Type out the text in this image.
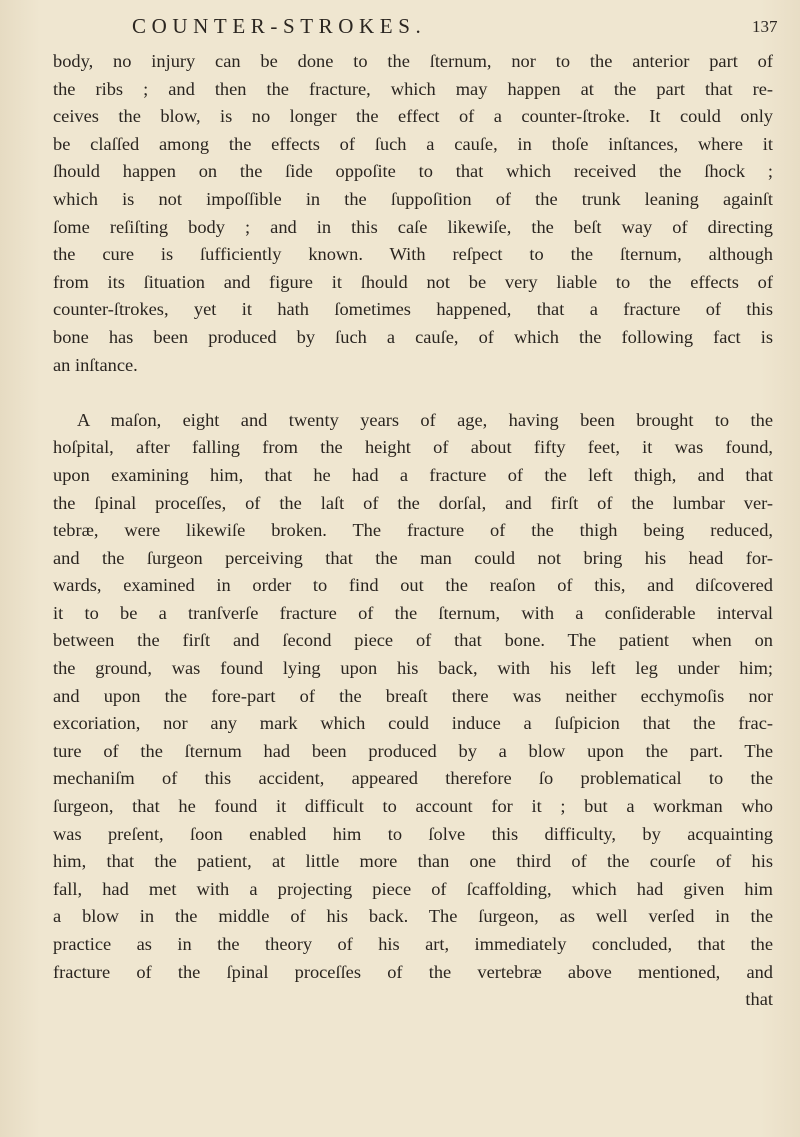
COUNTER-STROKES.	137
body, no injury can be done to the ſternum, nor to the anterior part of
the ribs ; and then the fracture, which may happen at the part that re-
ceives the blow, is no longer the effect of a counter-ſtroke. It could only
be claſſed among the effects of ſuch a cauſe, in thoſe inſtances, where it
ſhould happen on the ſide oppoſite to that which received the ſhock ;
which is not impoſſible in the ſuppoſition of the trunk leaning againſt
ſome reſiſting body ; and in this caſe likewiſe, the beſt way of directing
the cure is ſufficiently known. With reſpect to the ſternum, although
from its ſituation and figure it ſhould not be very liable to the effects of
counter-ſtrokes, yet it hath ſometimes happened, that a fracture of this
bone has been produced by ſuch a cauſe, of which the following fact is
an inſtance.
A maſon, eight and twenty years of age, having been brought to the
hoſpital, after falling from the height of about fifty feet, it was found,
upon examining him, that he had a fracture of the left thigh, and that
the ſpinal proceſſes, of the laſt of the dorſal, and firſt of the lumbar ver-
tebræ, were likewiſe broken. The fracture of the thigh being reduced,
and the ſurgeon perceiving that the man could not bring his head for-
wards, examined in order to find out the reaſon of this, and diſcovered
it to be a tranſverſe fracture of the ſternum, with a conſiderable interval
between the firſt and ſecond piece of that bone. The patient when on
the ground, was found lying upon his back, with his left leg under him;
and upon the fore-part of the breaſt there was neither ecchymoſis nor
excoriation, nor any mark which could induce a ſuſpicion that the frac-
ture of the ſternum had been produced by a blow upon the part. The
mechaniſm of this accident, appeared therefore ſo problematical to the
ſurgeon, that he found it difficult to account for it ; but a workman who
was preſent, ſoon enabled him to ſolve this difficulty, by acquainting
him, that the patient, at little more than one third of the courſe of his
fall, had met with a projecting piece of ſcaffolding, which had given him
a blow in the middle of his back. The ſurgeon, as well verſed in the
practice as in the theory of his art, immediately concluded, that the
fracture of the ſpinal proceſſes of the vertebræ above mentioned, and
that
